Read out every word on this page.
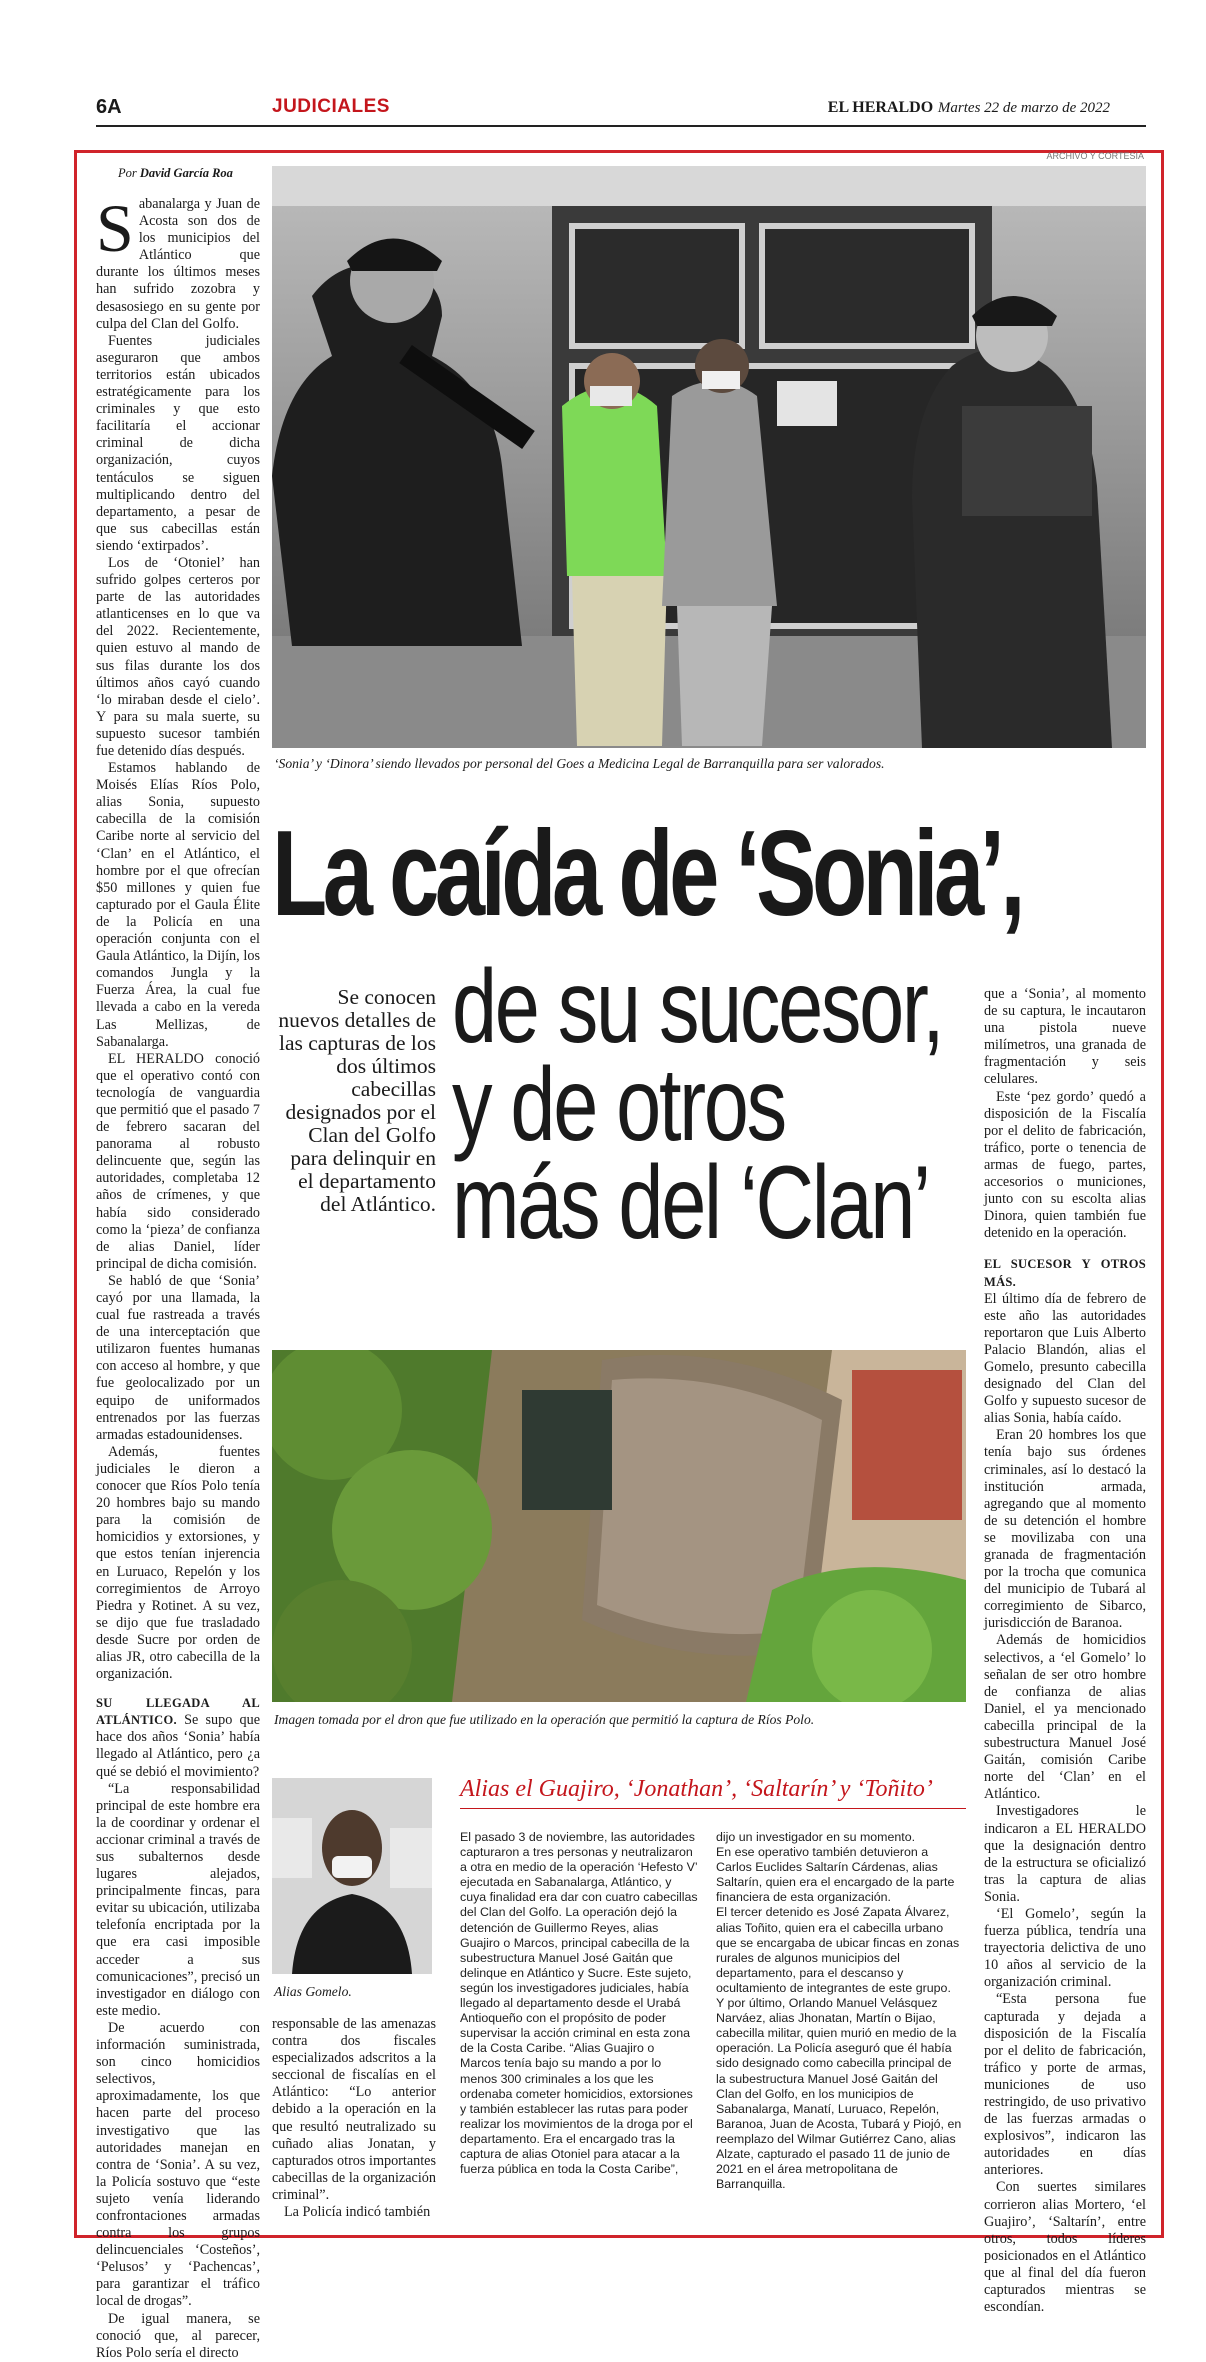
6A	JUDICIALES	EL HERALDO Martes 22 de marzo de 2022
Por David García Roa

Sabanalarga y Juan de Acosta son dos de los municipios del Atlántico que durante los últimos meses han sufrido zozobra y desasosiego en su gente por culpa del Clan del Golfo.

Fuentes judiciales aseguraron que ambos territorios están ubicados estratégicamente para los criminales y que esto facilitaría el accionar criminal de dicha organización, cuyos tentáculos se siguen multiplicando dentro del departamento, a pesar de que sus cabecillas están siendo ‘extirpados’.

Los de ‘Otoniel’ han sufrido golpes certeros por parte de las autoridades atlanticenses en lo que va del 2022. Recientemente, quien estuvo al mando de sus filas durante los dos últimos años cayó cuando ‘lo miraban desde el cielo’. Y para su mala suerte, su supuesto sucesor también fue detenido días después.

Estamos hablando de Moisés Elías Ríos Polo, alias Sonia, supuesto cabecilla de la comisión Caribe norte al servicio del ‘Clan’ en el Atlántico, el hombre por el que ofrecían $50 millones y quien fue capturado por el Gaula Élite de la Policía en una operación conjunta con el Gaula Atlántico, la Dijín, los comandos Jungla y la Fuerza Área, la cual fue llevada a cabo en la vereda Las Mellizas, de Sabanalarga.

EL HERALDO conoció que el operativo contó con tecnología de vanguardia que permitió que el pasado 7 de febrero sacaran del panorama al robusto delincuente que, según las autoridades, completaba 12 años de crímenes, y que había sido considerado como la ‘pieza’ de confianza de alias Daniel, líder principal de dicha comisión.

Se habló de que ‘Sonia’ cayó por una llamada, la cual fue rastreada a través de una interceptación que utilizaron fuentes humanas con acceso al hombre, y que fue geolocalizado por un equipo de uniformados entrenados por las fuerzas armadas estadounidenses.

Además, fuentes judiciales le dieron a conocer que Ríos Polo tenía 20 hombres bajo su mando para la comisión de homicidios y extorsiones, y que estos tenían injerencia en Luruaco, Repelón y los corregimientos de Arroyo Piedra y Rotinet. A su vez, se dijo que fue trasladado desde Sucre por orden de alias JR, otro cabecilla de la organización.

SU LLEGADA AL ATLÁNTICO. Se supo que hace dos años ‘Sonia’ había llegado al Atlántico, pero ¿a qué se debió el movimiento?

“La responsabilidad principal de este hombre era la de coordinar y ordenar el accionar criminal a través de sus subalternos desde lugares alejados, principalmente fincas, para evitar su ubicación, utilizaba telefonía encriptada por la que era casi imposible acceder a sus comunicaciones”, precisó un investigador en diálogo con este medio.

De acuerdo con información suministrada, son cinco homicidios selectivos, aproximadamente, los que hacen parte del proceso investigativo que las autoridades manejan en contra de ‘Sonia’. A su vez, la Policía sostuvo que “este sujeto venía liderando confrontaciones armadas contra los grupos delincuenciales ‘Costeños’, ‘Pelusos’ y ‘Pachencas’, para garantizar el tráfico local de drogas”.

De igual manera, se conoció que, al parecer, Ríos Polo sería el directo

ARCHIVO Y CORTESÍA
‘Sonia’ y ‘Dinora’ siendo llevados por personal del Goes a Medicina Legal de Barranquilla para ser valorados.
La caída de ‘Sonia’,
de su sucesor,
y de otros
más del ‘Clan’
Se conocen nuevos detalles de las capturas de los dos últimos cabecillas designados por el Clan del Golfo para delinquir en el departamento del Atlántico.

que a ‘Sonia’, al momento de su captura, le incautaron una pistola nueve milímetros, una granada de fragmentación y seis celulares.

Este ‘pez gordo’ quedó a disposición de la Fiscalía por el delito de fabricación, tráfico, porte o tenencia de armas de fuego, partes, accesorios o municiones, junto con su escolta alias Dinora, quien también fue detenido en la operación.

EL SUCESOR Y OTROS MÁS.

El último día de febrero de este año las autoridades reportaron que Luis Alberto Palacio Blandón, alias el Gomelo, presunto cabecilla designado del Clan del Golfo y supuesto sucesor de alias Sonia, había caído.

Eran 20 hombres los que tenía bajo sus órdenes criminales, así lo destacó la institución armada, agregando que al momento de su detención el hombre se movilizaba con una granada de fragmentación por la trocha que comunica del municipio de Tubará al corregimiento de Sibarco, jurisdicción de Baranoa.

Además de homicidios selectivos, a ‘el Gomelo’ lo señalan de ser otro hombre de confianza de alias Daniel, el ya mencionado cabecilla principal de la subestructura Manuel José Gaitán, comisión Caribe norte del ‘Clan’ en el Atlántico.

Investigadores le indicaron a EL HERALDO que la designación dentro de la estructura se oficializó tras la captura de alias Sonia.

‘El Gomelo’, según la fuerza pública, tendría una trayectoria delictiva de uno 10 años al servicio de la organización criminal.

“Esta persona fue capturada y dejada a disposición de la Fiscalía por el delito de fabricación, tráfico y porte de armas, municiones de uso restringido, de uso privativo de las fuerzas armadas o explosivos”, indicaron las autoridades en días anteriores.

Con suertes similares corrieron alias Mortero, ‘el Guajiro’, ‘Saltarín’, entre otros, todos líderes posicionados en el Atlántico que al final del día fueron capturados mientras se escondían.

Imagen tomada por el dron que fue utilizado en la operación que permitió la captura de Ríos Polo.
Alias Gomelo.
Alias el Guajiro, ‘Jonathan’, ‘Saltarín’ y ‘Toñito’

El pasado 3 de noviembre, las autoridades capturaron a tres personas y neutralizaron a otra en medio de la operación ‘Hefesto V’ ejecutada en Sabanalarga, Atlántico, y cuya finalidad era dar con cuatro cabecillas del Clan del Golfo. La operación dejó la detención de Guillermo Reyes, alias Guajiro o Marcos, principal cabecilla de la subestructura Manuel José Gaitán que delinque en Atlántico y Sucre. Este sujeto, según los investigadores judiciales, había llegado al departamento desde el Urabá Antioqueño con el propósito de poder supervisar la acción criminal en esta zona de la Costa Caribe. “Alias Guajiro o Marcos tenía bajo su mando a por lo menos 300 criminales a los que les ordenaba cometer homicidios, extorsiones y también establecer las rutas para poder realizar los movimientos de la droga por el departamento. Era el encargado tras la captura de alias Otoniel para atacar a la fuerza pública en toda la Costa Caribe”,

dijo un investigador en su momento.

En ese operativo también detuvieron a Carlos Euclides Saltarín Cárdenas, alias Saltarín, quien era el encargado de la parte financiera de esta organización.

El tercer detenido es José Zapata Álvarez, alias Toñito, quien era el cabecilla urbano que se encargaba de ubicar fincas en zonas rurales de algunos municipios del departamento, para el descanso y ocultamiento de integrantes de este grupo. Y por último, Orlando Manuel Velásquez Narváez, alias Jhonatan, Martín o Bijao, cabecilla militar, quien murió en medio de la operación. La Policía aseguró que él había sido designado como cabecilla principal de la subestructura Manuel José Gaitán del Clan del Golfo, en los municipios de Sabanalarga, Manatí, Luruaco, Repelón, Baranoa, Juan de Acosta, Tubará y Piojó, en reemplazo del Wilmar Gutiérrez Cano, alias Alzate, capturado el pasado 11 de junio de 2021 en el área metropolitana de Barranquilla.

responsable de las amenazas contra dos fiscales especializados adscritos a la seccional de fiscalías en el Atlántico: “Lo anterior debido a la operación en la que resultó neutralizado su cuñado alias Jonatan, y capturados otros importantes cabecillas de la organización criminal”.

La Policía indicó también
